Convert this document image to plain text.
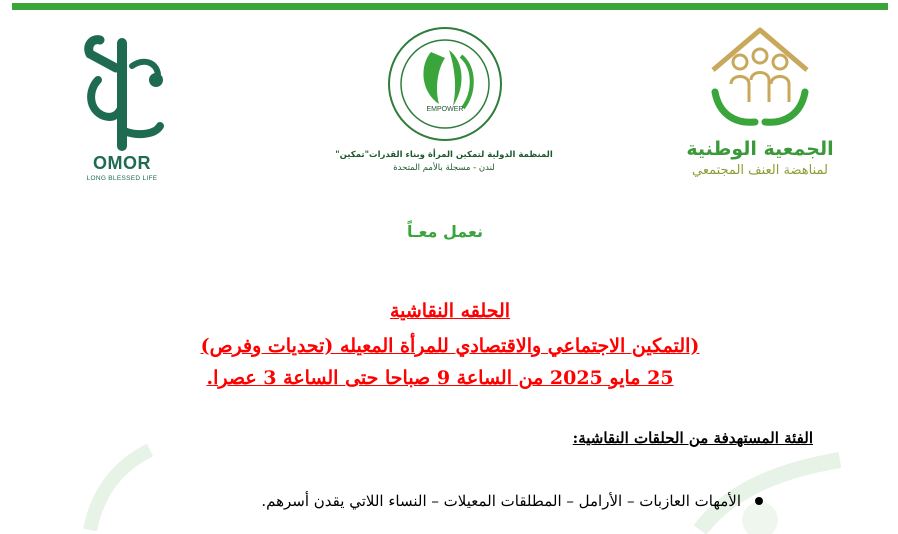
OMOR
LONG BLESSED LIFE
EMPOWER
المنظمة الدولية لتمكين المرأة وبناء القدرات"تمكين"
لندن - مسجلة بالأمم المتحدة
الجمعية الوطنية
لمناهضة العنف المجتمعي
نعمل معـاً
الحلقه النقاشية
(التمكين الاجتماعي والاقتصادي للمرأة المعيله (تحديات وفرص)
25 مايو 2025 من الساعة 9 صباحا حتى الساعة 3 عصرا.
الفئة المستهدفة من الحلقات النقاشية:
الأمهات العازبات – الأرامل – المطلقات المعيلات – النساء اللاتي يقدن أسرهم.
